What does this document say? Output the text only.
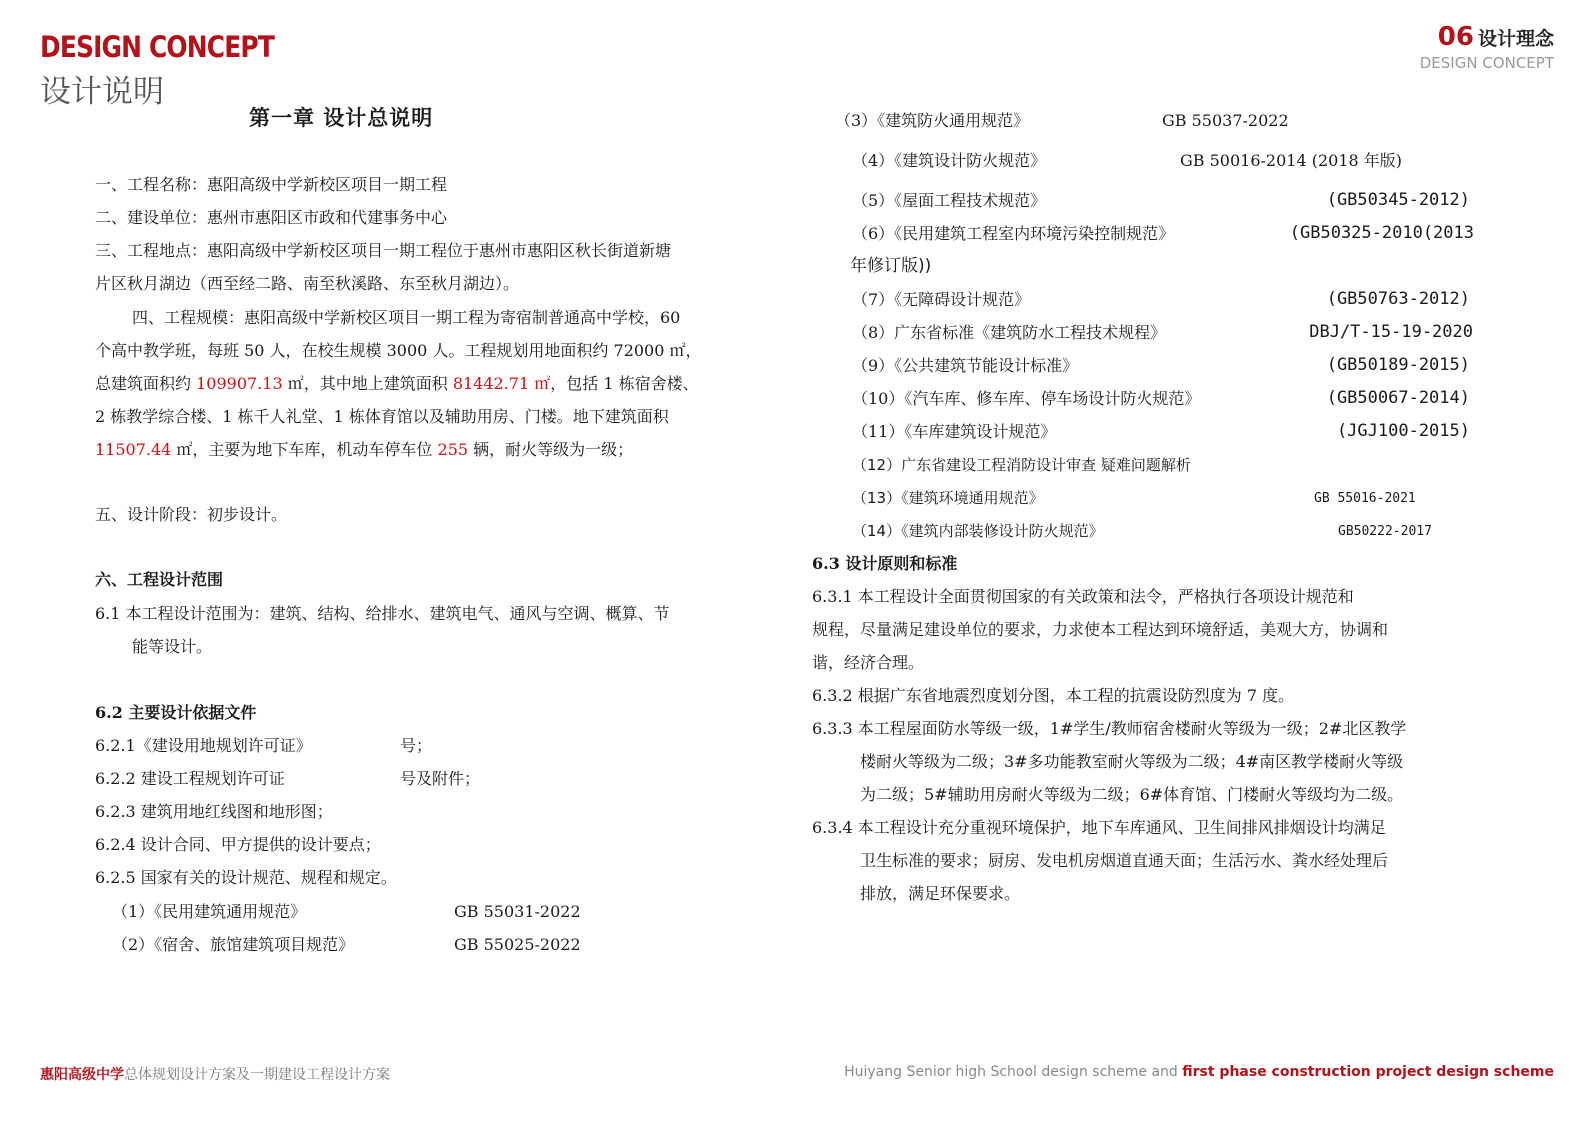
DESIGN CONCEPT
设计说明
06 设计理念
DESIGN CONCEPT
第一章 设计总说明
一、工程名称：惠阳高级中学新校区项目一期工程
二、建设单位：惠州市惠阳区市政和代建事务中心
三、工程地点：惠阳高级中学新校区项目一期工程位于惠州市惠阳区秋长街道新塘
片区秋月湖边（西至经二路、南至秋溪路、东至秋月湖边）。
四、工程规模：惠阳高级中学新校区项目一期工程为寄宿制普通高中学校，60
个高中教学班，每班 50 人，在校生规模 3000 人。工程规划用地面积约 72000 ㎡，
总建筑面积约 109907.13 ㎡，其中地上建筑面积 81442.71 ㎡，包括 1 栋宿舍楼、
2 栋教学综合楼、1 栋千人礼堂、1 栋体育馆以及辅助用房、门楼。地下建筑面积
11507.44 ㎡，主要为地下车库，机动车停车位 255 辆，耐火等级为一级；
五、设计阶段：初步设计。
六、工程设计范围
6.1 本工程设计范围为：建筑、结构、给排水、建筑电气、通风与空调、概算、节
能等设计。
6.2 主要设计依据文件
6.2.1《建设用地规划许可证》	号；
6.2.2 建设工程规划许可证	号及附件；
6.2.3 建筑用地红线图和地形图；
6.2.4 设计合同、甲方提供的设计要点；
6.2.5 国家有关的设计规范、规程和规定。
（1）《民用建筑通用规范》	GB 55031-2022
（2）《宿舍、旅馆建筑项目规范》	GB 55025-2022
（3）《建筑防火通用规范》	GB 55037-2022
（4）《建筑设计防火规范》	GB 50016-2014 (2018 年版)
（5）《屋面工程技术规范》	(GB50345-2012)
（6）《民用建筑工程室内环境污染控制规范》	(GB50325-2010(2013
年修订版))
（7）《无障碍设计规范》	(GB50763-2012)
（8）广东省标准《建筑防水工程技术规程》	DBJ/T-15-19-2020
（9）《公共建筑节能设计标准》	(GB50189-2015)
（10）《汽车库、修车库、停车场设计防火规范》	(GB50067-2014)
（11）《车库建筑设计规范》	(JGJ100-2015)
（12）广东省建设工程消防设计审查 疑难问题解析
（13）《建筑环境通用规范》	GB 55016-2021
（14）《建筑内部装修设计防火规范》	GB50222-2017
6.3 设计原则和标准
6.3.1 本工程设计全面贯彻国家的有关政策和法令，严格执行各项设计规范和
规程，尽量满足建设单位的要求，力求使本工程达到环境舒适，美观大方，协调和
谐，经济合理。
6.3.2 根据广东省地震烈度划分图，本工程的抗震设防烈度为 7 度。
6.3.3 本工程屋面防水等级一级，1#学生/教师宿舍楼耐火等级为一级；2#北区教学
楼耐火等级为二级；3#多功能教室耐火等级为二级；4#南区教学楼耐火等级
为二级；5#辅助用房耐火等级为二级；6#体育馆、门楼耐火等级均为二级。
6.3.4 本工程设计充分重视环境保护，地下车库通风、卫生间排风排烟设计均满足
卫生标准的要求；厨房、发电机房烟道直通天面；生活污水、粪水经处理后
排放，满足环保要求。
惠阳高级中学总体规划设计方案及一期建设工程设计方案	Huiyang Senior high School design scheme and first phase construction project design scheme
